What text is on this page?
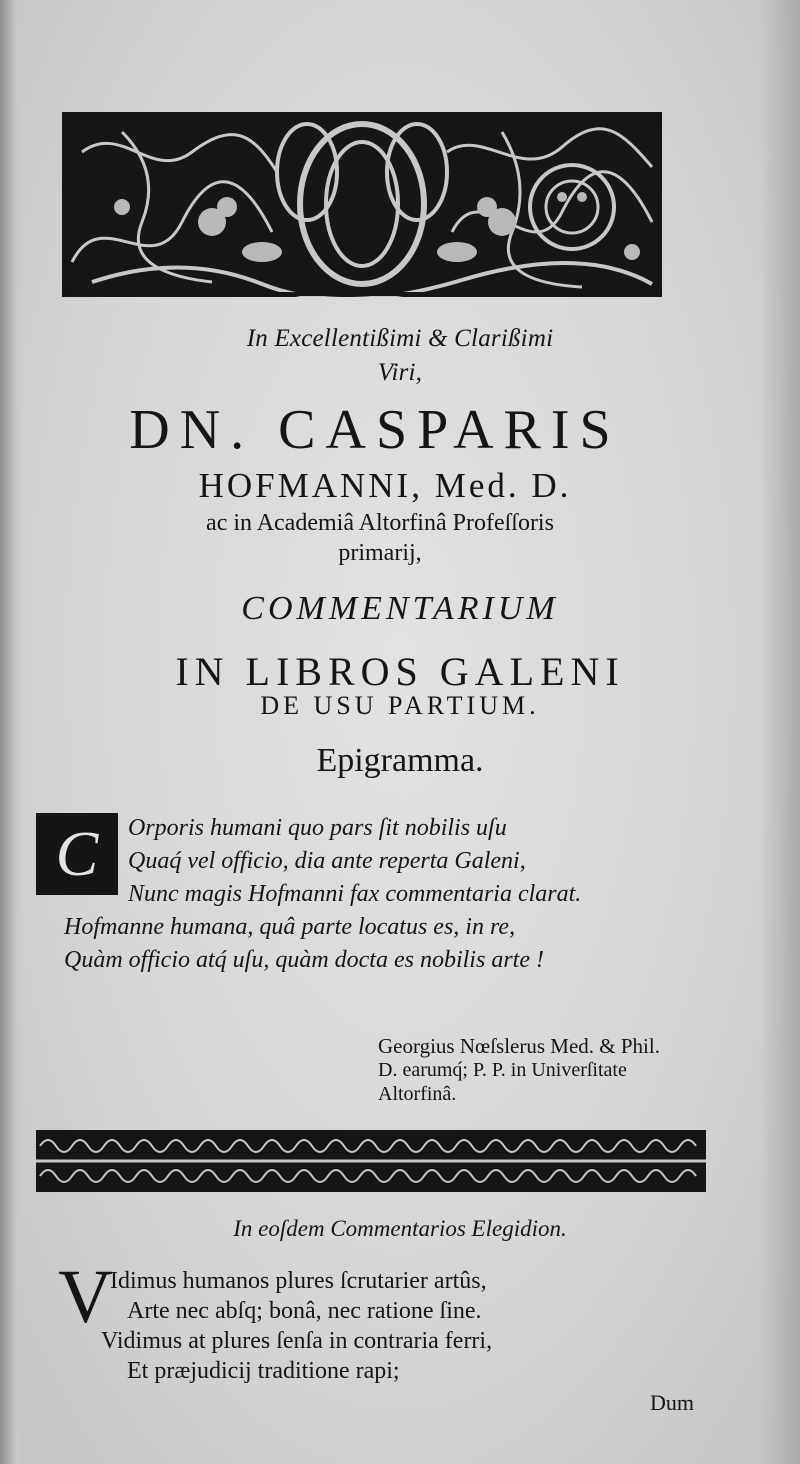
In Excellentißimi & Clarißimi
Viri,
DN. CASPARIS
HOFMANNI, Med. D.
ac in Academiâ Altorfinâ Profeſſoris
primarij,
COMMENTARIUM
IN LIBROS GALENI
DE USU PARTIUM.
Epigramma.
C	Orporis humani quo pars ſit nobilis uſu
Quaq́ vel officio, dia ante reperta Galeni,
Nunc magis Hofmanni fax commentaria clarat.
Hofmanne humana, quâ parte locatus es, in re,
Quàm officio atq́ uſu, quàm docta es nobilis arte !
Georgius Nœſslerus Med. & Phil.
D. earumq́; P. P. in Univerſitate
Altorfinâ.
In eoſdem Commentarios Elegidion.
V
Idimus humanos plures ſcrutarier artûs,
Arte nec abſq; bonâ, nec ratione ſine.
Vidimus at plures ſenſa in contraria ferri,
Et præjudicij traditione rapi;
Dum
